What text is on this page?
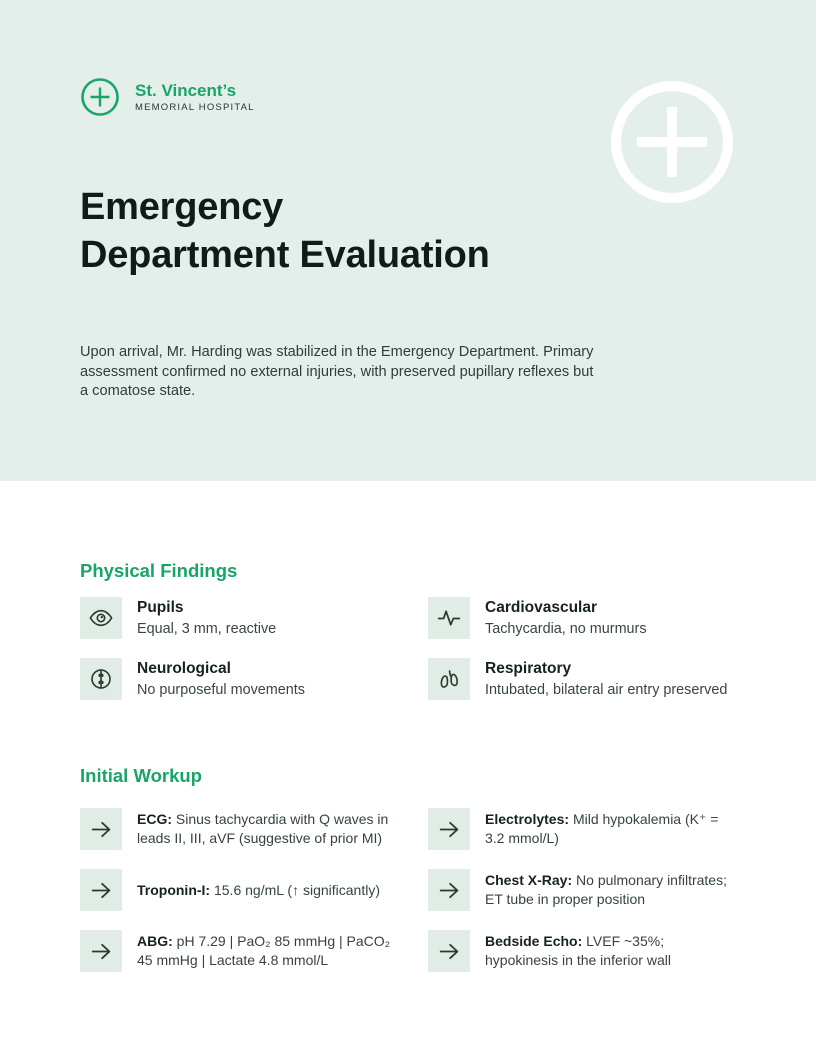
St. Vincent’s
MEMORIAL HOSPITAL
Emergency
Department Evaluation

Upon arrival, Mr. Harding was stabilized in the Emergency Department. Primary assessment confirmed no external injuries, with preserved pupillary reflexes but a comatose state.

Physical Findings
Pupils
Equal, 3 mm, reactive
Cardiovascular
Tachycardia, no murmurs
Neurological
No purposeful movements
Respiratory
Intubated, bilateral air entry preserved
Initial Workup
ECG: Sinus tachycardia with Q waves in leads II, III, aVF (suggestive of prior MI)
Electrolytes: Mild hypokalemia (K⁺ = 3.2 mmol/L)
Troponin-I: 15.6 ng/mL (↑ significantly)
Chest X-Ray: No pulmonary infiltrates; ET tube in proper position
ABG: pH 7.29 | PaO₂ 85 mmHg | PaCO₂ 45 mmHg | Lactate 4.8 mmol/L
Bedside Echo: LVEF ~35%; hypokinesis in the inferior wall
